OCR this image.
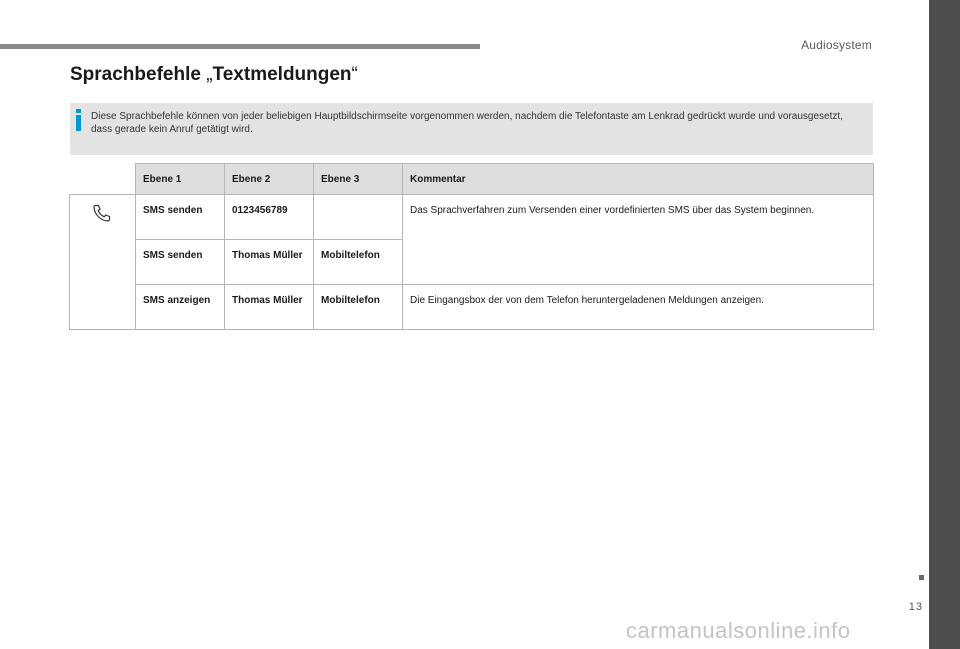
Audiosystem
Sprachbefehle „Textmeldungen“
Diese Sprachbefehle können von jeder beliebigen Hauptbildschirmseite vorgenommen werden, nachdem die Telefontaste am Lenkrad gedrückt wurde und vorausgesetzt, dass gerade kein Anruf getätigt wird.
	Ebene 1	Ebene 2	Ebene 3	Kommentar

	SMS senden	0123456789		Das Sprachverfahren zum Versenden einer vordefinierten SMS über das System beginnen.
	SMS senden	Thomas Müller	Mobiltelefon	
	SMS anzeigen	Thomas Müller	Mobiltelefon	Die Eingangsbox der von dem Telefon heruntergeladenen Meldungen anzeigen.
13
carmanualsonline.info
